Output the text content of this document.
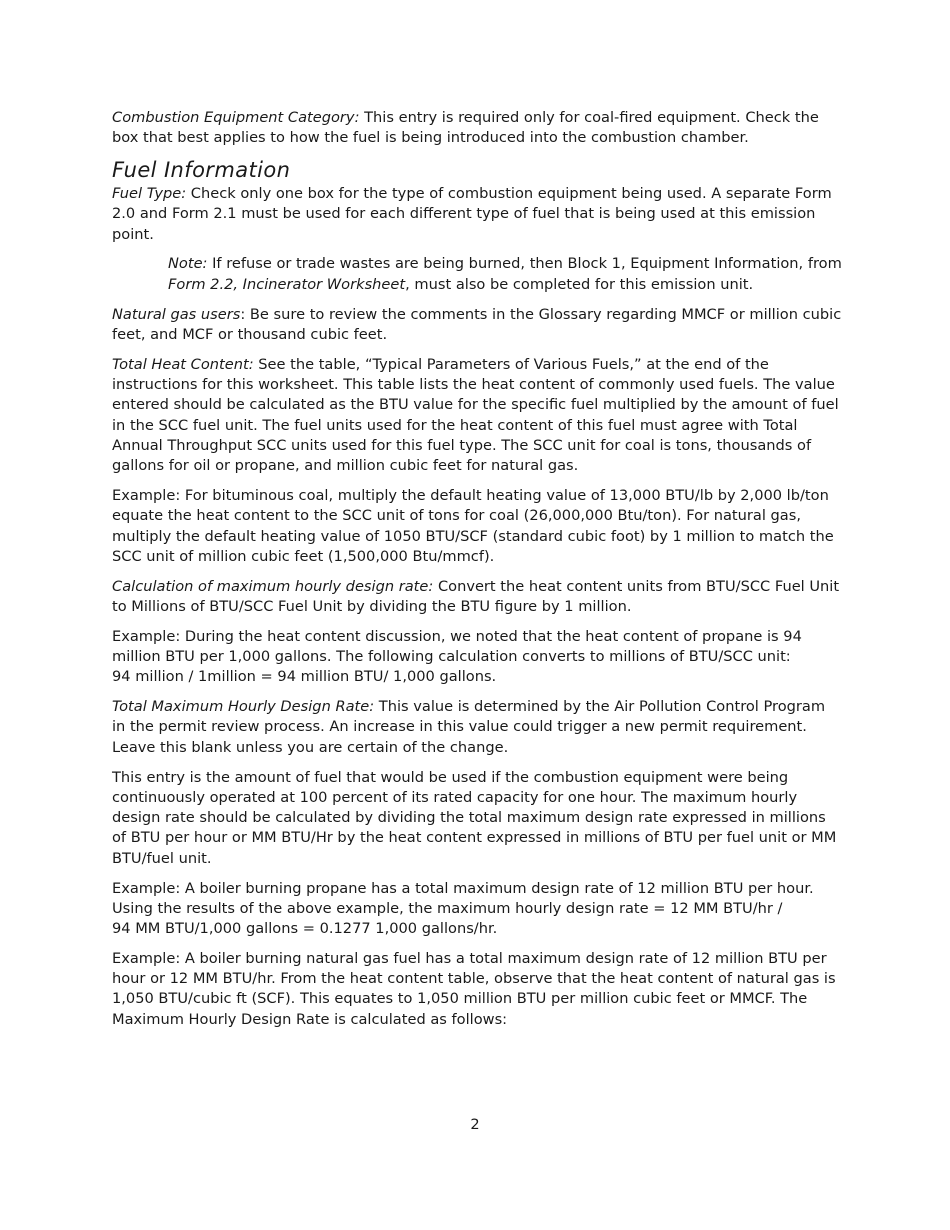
Combustion Equipment Category: This entry is required only for coal-fired equipment. Check the box that best applies to how the fuel is being introduced into the combustion chamber.

Fuel Information

Fuel Type: Check only one box for the type of combustion equipment being used. A separate Form 2.0 and Form 2.1 must be used for each different type of fuel that is being used at this emission point.

Note: If refuse or trade wastes are being burned, then Block 1, Equipment Information, from Form 2.2, Incinerator Worksheet, must also be completed for this emission unit.

Natural gas users: Be sure to review the comments in the Glossary regarding MMCF or million cubic feet, and MCF or thousand cubic feet.

Total Heat Content: See the table, “Typical Parameters of Various Fuels,” at the end of the instructions for this worksheet. This table lists the heat content of commonly used fuels. The value entered should be calculated as the BTU value for the specific fuel multiplied by the amount of fuel in the SCC fuel unit. The fuel units used for the heat content of this fuel must agree with Total Annual Throughput SCC units used for this fuel type. The SCC unit for coal is tons, thousands of gallons for oil or propane, and million cubic feet for natural gas.

Example: For bituminous coal, multiply the default heating value of 13,000 BTU/lb by 2,000 lb/ton equate the heat content to the SCC unit of tons for coal (26,000,000 Btu/ton). For natural gas, multiply the default heating value of 1050 BTU/SCF (standard cubic foot) by 1 million to match the SCC unit of million cubic feet (1,500,000 Btu/mmcf).

Calculation of maximum hourly design rate: Convert the heat content units from BTU/SCC Fuel Unit to Millions of BTU/SCC Fuel Unit by dividing the BTU figure by 1 million.

Example: During the heat content discussion, we noted that the heat content of propane is 94 million BTU per 1,000 gallons. The following calculation converts to millions of BTU/SCC unit:
94 million / 1million = 94 million BTU/ 1,000 gallons.

Total Maximum Hourly Design Rate: This value is determined by the Air Pollution Control Program in the permit review process. An increase in this value could trigger a new permit requirement. Leave this blank unless you are certain of the change.

This entry is the amount of fuel that would be used if the combustion equipment were being continuously operated at 100 percent of its rated capacity for one hour. The maximum hourly design rate should be calculated by dividing the total maximum design rate expressed in millions of BTU per hour or MM BTU/Hr by the heat content expressed in millions of BTU per fuel unit or MM BTU/fuel unit.

Example: A boiler burning propane has a total maximum design rate of 12 million BTU per hour. Using the results of the above example, the maximum hourly design rate = 12 MM BTU/hr /
94 MM BTU/1,000 gallons = 0.1277 1,000 gallons/hr.

Example: A boiler burning natural gas fuel has a total maximum design rate of 12 million BTU per hour or 12 MM BTU/hr. From the heat content table, observe that the heat content of natural gas is 1,050 BTU/cubic ft (SCF). This equates to 1,050 million BTU per million cubic feet or MMCF. The Maximum Hourly Design Rate is calculated as follows:

2
